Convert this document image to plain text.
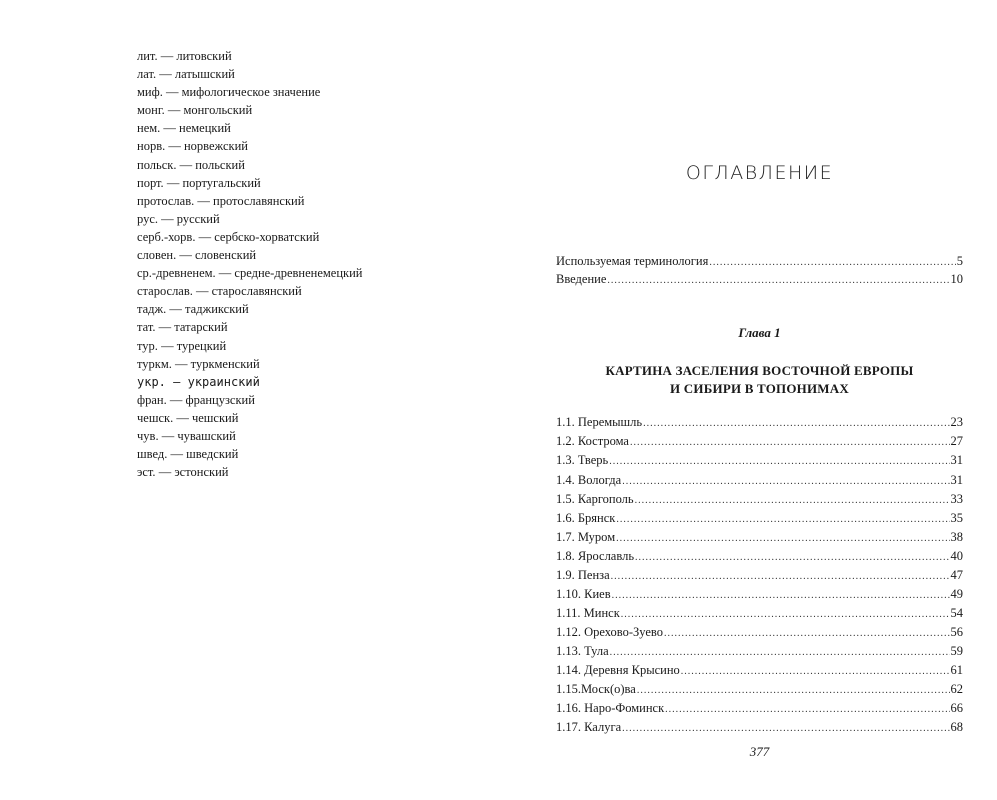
лит. — литовский
лат. — латышский
миф. — мифологическое значение
монг. — монгольский
нем. — немецкий
норв. — норвежский
польск. — польский
порт. — португальский
протослав. — протославянский
рус. — русский
серб.-хорв. — сербско-хорватский
словен. — словенский
ср.-древненем. — средне-древненемецкий
старослав. — старославянский
тадж. — таджикский
тат. — татарский
тур. — турецкий
туркм. — туркменский
укр. — украинский
фран. — французский
чешск. — чешский
чув. — чувашский
швед. — шведский
эст. — эстонский
ОГЛАВЛЕНИЕ
Используемая терминология .....	5
Введение .....	10
Глава 1
КАРТИНА ЗАСЕЛЕНИЯ ВОСТОЧНОЙ ЕВРОПЫ
И СИБИРИ В ТОПОНИМАХ
1.1. Перемышль .....	23
1.2. Кострома .....	27
1.3. Тверь .....	31
1.4. Вологда .....	31
1.5. Каргополь .....	33
1.6. Брянск .....	35
1.7. Муром .....	38
1.8. Ярославль .....	40
1.9. Пенза .....	47
1.10. Киев .....	49
1.11. Минск .....	54
1.12. Орехово-Зуево .....	56
1.13. Тула .....	59
1.14. Деревня Крысино .....	61
1.15.Моск(о)ва .....	62
1.16. Наро-Фоминск .....	66
1.17. Калуга .....	68
377
